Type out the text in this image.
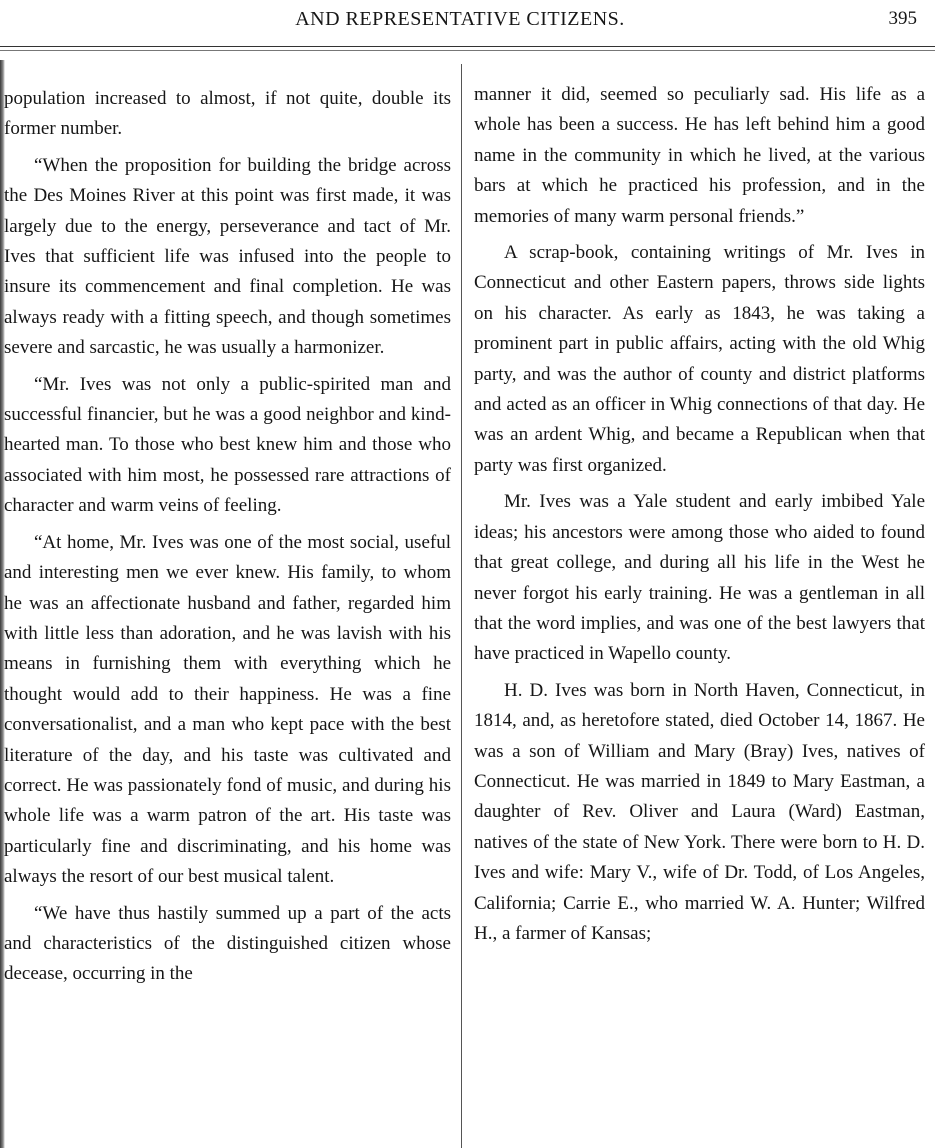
AND REPRESENTATIVE CITIZENS.	395

population increased to almost, if not quite, double its former number.

“When the proposition for building the bridge across the Des Moines River at this point was first made, it was largely due to the energy, perseverance and tact of Mr. Ives that sufficient life was infused into the people to insure its commencement and final completion. He was always ready with a fitting speech, and though sometimes severe and sarcastic, he was usually a harmonizer.

“Mr. Ives was not only a public-spirited man and successful financier, but he was a good neighbor and kind-hearted man. To those who best knew him and those who associated with him most, he possessed rare attractions of character and warm veins of feeling.

“At home, Mr. Ives was one of the most social, useful and interesting men we ever knew. His family, to whom he was an affectionate husband and father, regarded him with little less than adoration, and he was lavish with his means in furnishing them with everything which he thought would add to their happiness. He was a fine conversationalist, and a man who kept pace with the best literature of the day, and his taste was cultivated and correct. He was passionately fond of music, and during his whole life was a warm patron of the art. His taste was particularly fine and discriminating, and his home was always the resort of our best musical talent.

“We have thus hastily summed up a part of the acts and characteristics of the distinguished citizen whose decease, occurring in the

manner it did, seemed so peculiarly sad. His life as a whole has been a success. He has left behind him a good name in the community in which he lived, at the various bars at which he practiced his profession, and in the memories of many warm personal friends.”

A scrap-book, containing writings of Mr. Ives in Connecticut and other Eastern papers, throws side lights on his character. As early as 1843, he was taking a prominent part in public affairs, acting with the old Whig party, and was the author of county and district platforms and acted as an officer in Whig connections of that day. He was an ardent Whig, and became a Republican when that party was first organized.

Mr. Ives was a Yale student and early imbibed Yale ideas; his ancestors were among those who aided to found that great college, and during all his life in the West he never forgot his early training. He was a gentleman in all that the word implies, and was one of the best lawyers that have practiced in Wapello county.

H. D. Ives was born in North Haven, Connecticut, in 1814, and, as heretofore stated, died October 14, 1867. He was a son of William and Mary (Bray) Ives, natives of Connecticut. He was married in 1849 to Mary Eastman, a daughter of Rev. Oliver and Laura (Ward) Eastman, natives of the state of New York. There were born to H. D. Ives and wife: Mary V., wife of Dr. Todd, of Los Angeles, California; Carrie E., who married W. A. Hunter; Wilfred H., a farmer of Kansas;
